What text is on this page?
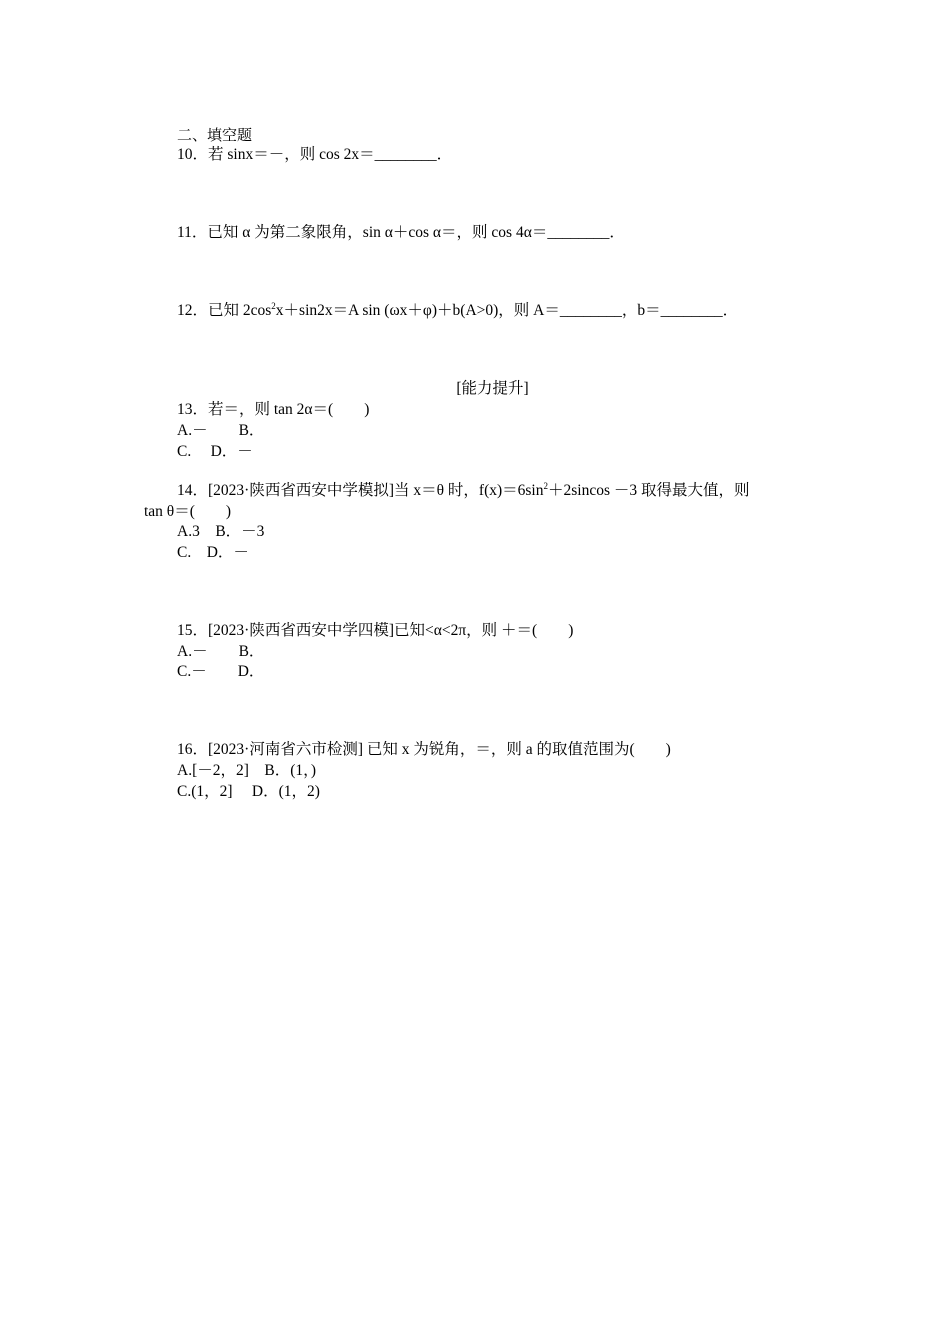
二、填空题
10．若 sinx＝－，则 cos 2x＝________．
11．已知 α 为第二象限角，sin α＋cos α＝，则 cos 4α＝________．
12．已知 $2\cos^2x+\sin 2x=A$ sin (ωx＋φ)＋b(A>0)，则 A＝________，b＝________．
[能力提升]
13．若＝，则 tan 2α＝(　　)
A.－　　B．
C.　 D．－
14．[2023·陕西省西安中学模拟]当 x＝θ 时，$f(x)=6\sin^2+2sincos -3$ 取得最大值，则
tan θ＝(　　)
A.3　B．－3
C.　D．－
15．[2023·陕西省西安中学四模]已知<α<2π，则 ＋＝(　　)
A.－　　B．
C.－　　D．
16．[2023·河南省六市检测] 已知 x 为锐角，＝，则 a 的取值范围为(　　)
A.[－2，2]　B．(1，)
C.(1，2]　 D．(1，2)
